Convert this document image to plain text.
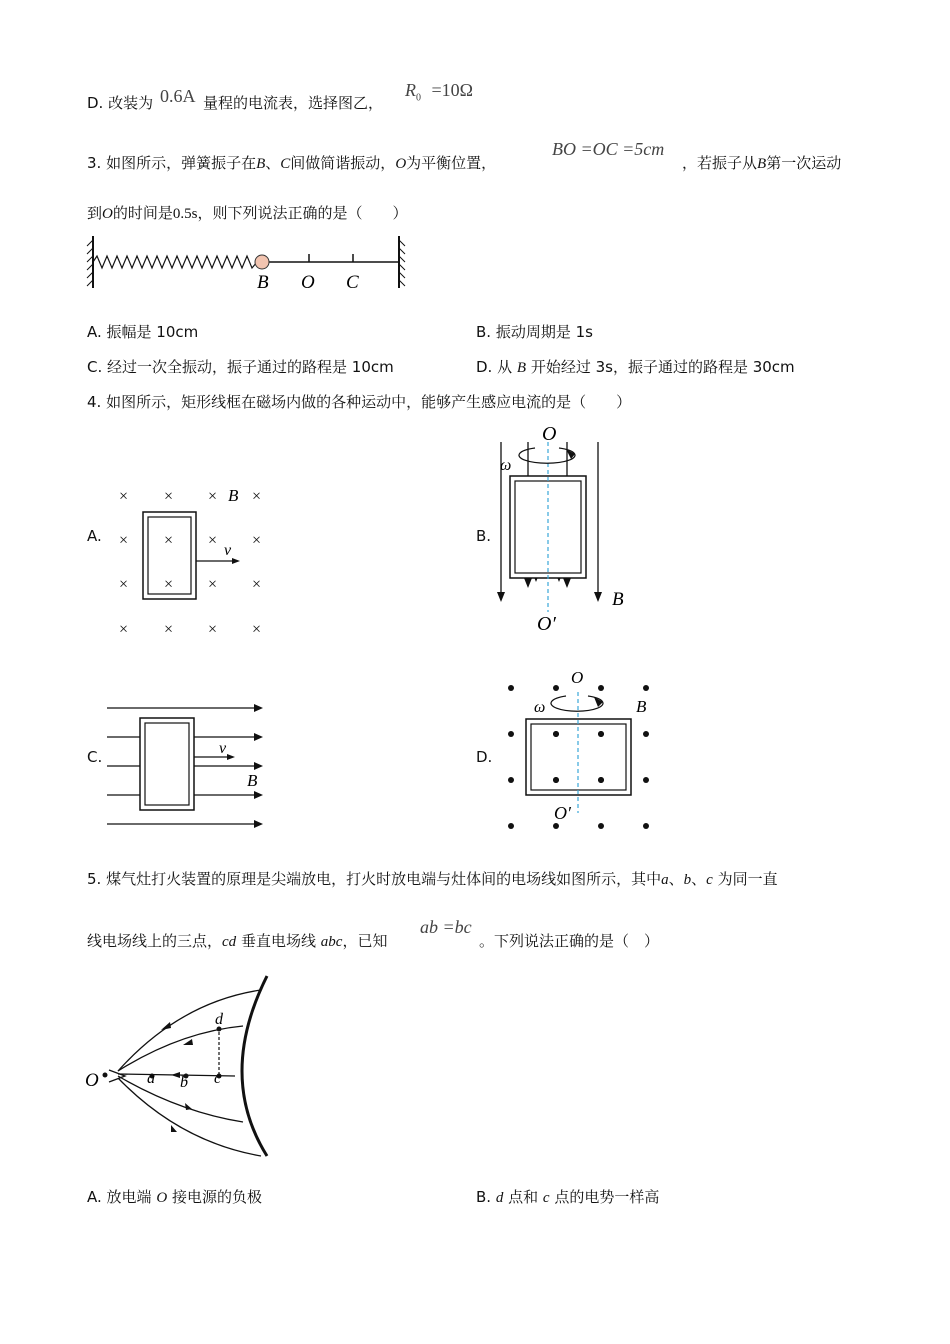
D. 改装为 0.6A 量程的电流表，选择图乙，
$R_0 =10\Omega$
3. 如图所示，弹簧振子在B、C间做简谐振动，O为平衡位置，
BO =OC =5cm
，若振子从B第一次运动
到O的时间是0.5s，则下列说法正确的是（　　）
B O C
A. 振幅是 10cm	B. 振动周期是 1s
C. 经过一次全振动，振子通过的路程是 10cm	D. 从 B 开始经过 3s，振子通过的路程是 30cm
4. 如图所示，矩形线框在磁场内做的各种运动中，能够产生感应电流的是（　　）
A.
× × × ×
× × × ×
× × × ×
× × × ×
v
B
B.
O
ω
O′
B
C.	v
B
D.
O
ω	B
O′
5. 煤气灶打火装置的原理是尖端放电，打火时放电端与灶体间的电场线如图所示，其中a、b、c 为同一直
线电场线上的三点，cd 垂直电场线 abc，已知
ab =bc
。下列说法正确的是（　）
O	a b c
d
A. 放电端 O 接电源的负极	B. d 点和 c 点的电势一样高
